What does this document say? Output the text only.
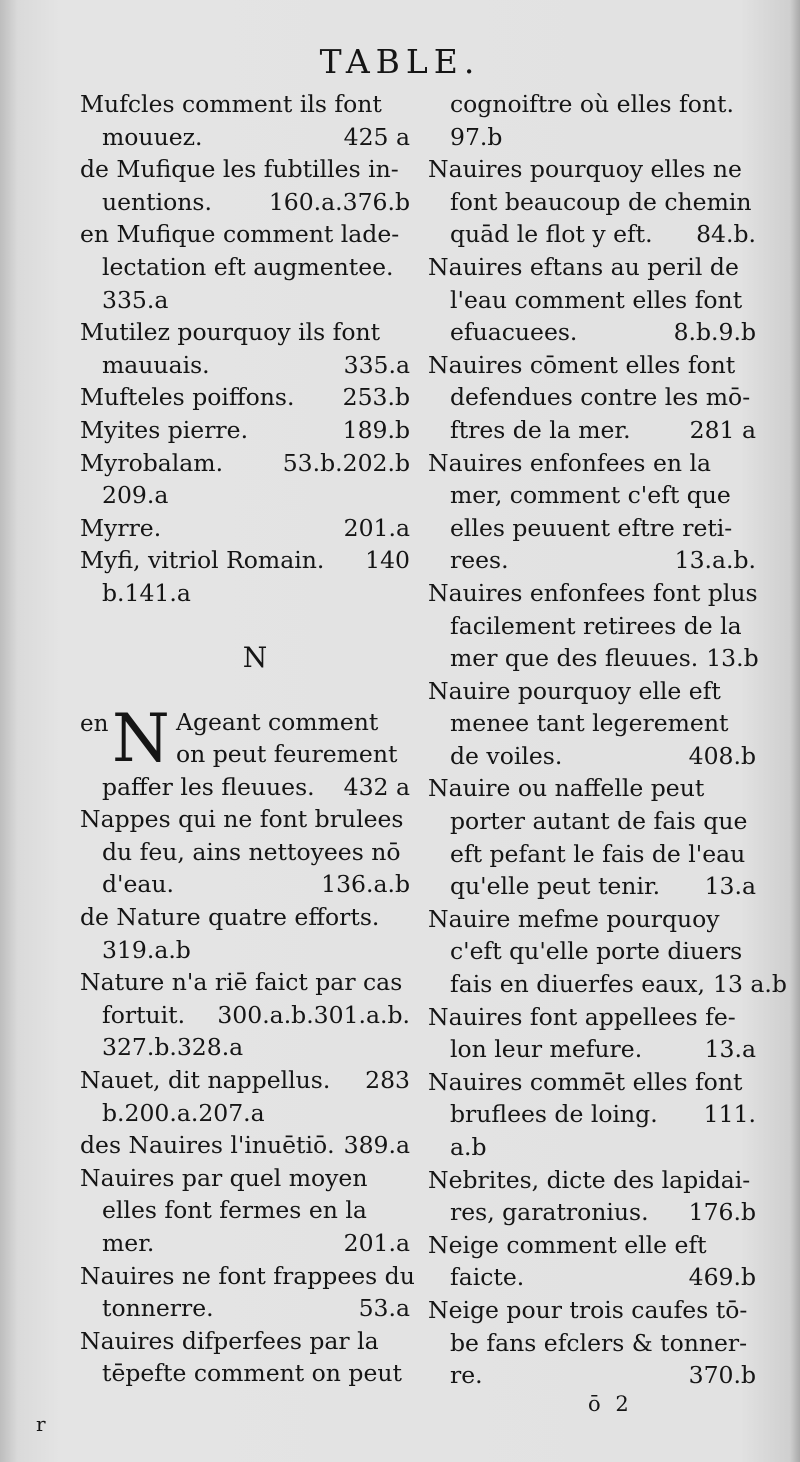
TABLE.
Mufcles comment ils font
mouuez.	425 a
de Mufique les fubtilles in-
uentions. 160.a.376.b
en Mufique comment lade-
lectation eft augmentee.
335.a
Mutilez pourquoy ils font
mauuais.	335.a
Mufteles poiffons. 253.b
Myites pierre.	189.b
Myrobalam.	53.b.202.b
209.a
Myrre.	201.a
Myfi, vitriol Romain. 140
b.141.a
N
en N Ageant comment
on peut feurement
paffer les fleuues. 432 a
Nappes qui ne font brulees
du feu, ains nettoyees nō
d'eau.	136.a.b
de Nature quatre efforts.
319.a.b
Nature n'a riē faict par cas
fortuit. 300.a.b.301.a.b.
327.b.328.a
Nauet, dit nappellus. 283
b.200.a.207.a
des Nauires l'inuētiō. 389.a
Nauires par quel moyen
elles font fermes en la
mer.	201.a
Nauires ne font frappees du
tonnerre.	53.a
Nauires difperfees par la
tēpefte comment on peut
cognoiftre où elles font.
97.b
Nauires pourquoy elles ne
font beaucoup de chemin
quād le flot y eft. 84.b.
Nauires eftans au peril de
l'eau comment elles font
efuacuees.	8.b.9.b
Nauires cōment elles font
defendues contre les mō-
ftres de la mer.	281 a
Nauires enfonfees en la
mer, comment c'eft que
elles peuuent eftre reti-
rees.	13.a.b.
Nauires enfonfees font plus
facilement retirees de la
mer que des fleuues. 13.b
Nauire pourquoy elle eft
menee tant legerement
de voiles.	408.b
Nauire ou naffelle peut
porter autant de fais que
eft pefant le fais de l'eau
qu'elle peut tenir. 13.a
Nauire mefme pourquoy
c'eft qu'elle porte diuers
fais en diuerfes eaux, 13 a.b
Nauires font appellees fe-
lon leur mefure.	13.a
Nauires commēt elles font
bruflees de loing. 111.
a.b
Nebrites, dicte des lapidai-
res, garatronius. 176.b
Neige comment elle eft
faicte.	469.b
Neige pour trois caufes tō-
be fans efclers & tonner-
re.	370.b
ō 2
r
